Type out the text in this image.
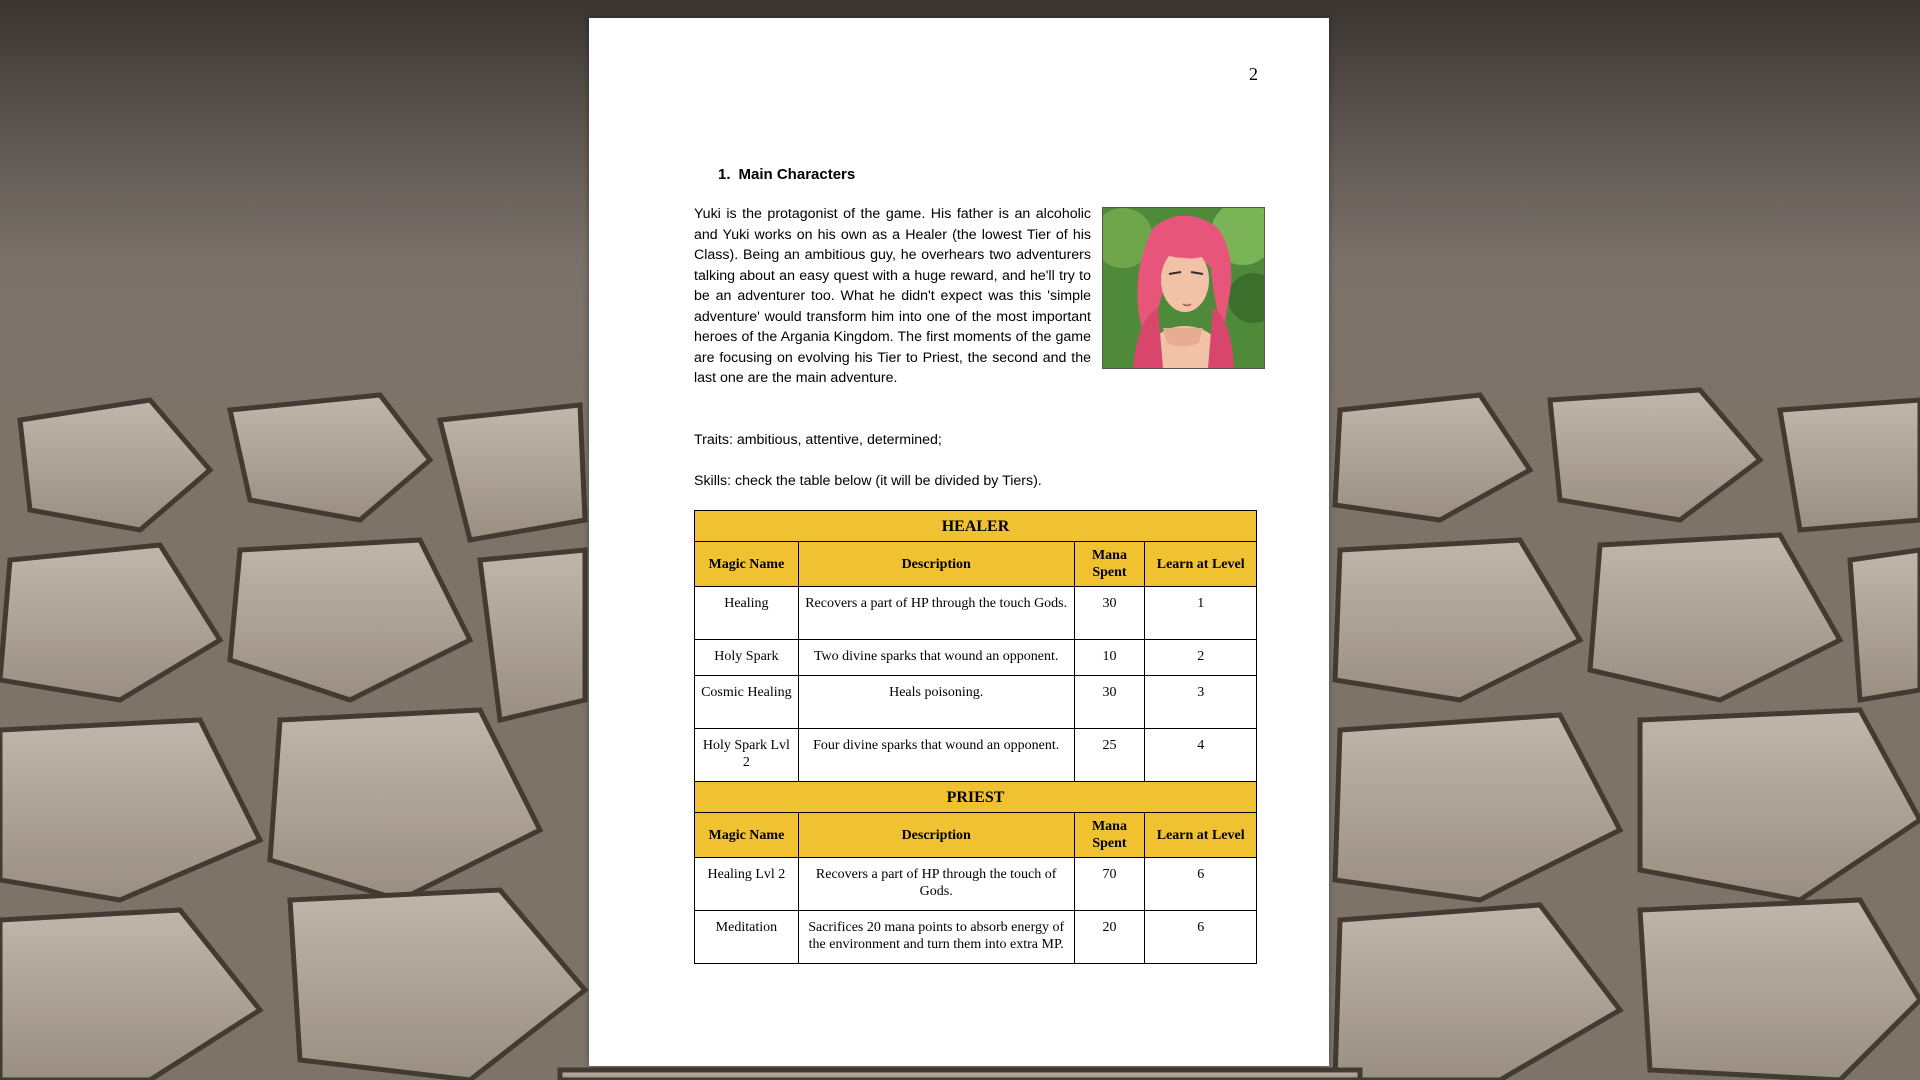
2
1. Main Characters

Yuki is the protagonist of the game. His father is an alcoholic and Yuki works on his own as a Healer (the lowest Tier of his Class). Being an ambitious guy, he overhears two adventurers talking about an easy quest with a huge reward, and he'll try to be an adventurer too. What he didn't expect was this 'simple adventure' would transform him into one of the most important heroes of the Argania Kingdom. The first moments of the game are focusing on evolving his Tier to Priest, the second and the last one are the main adventure.

Traits: ambitious, attentive, determined;

Skills: check the table below (it will be divided by Tiers).

HEALER			
Magic Name	Description	Mana Spent	Learn at Level
Healing	Recovers a part of HP through the touch Gods.	30	1
Holy Spark	Two divine sparks that wound an opponent.	10	2
Cosmic Healing	Heals poisoning.	30	3
Holy Spark Lvl 2	Four divine sparks that wound an opponent.	25	4
PRIEST			
Magic Name	Description	Mana Spent	Learn at Level
Healing Lvl 2	Recovers a part of HP through the touch of Gods.	70	6
Meditation	Sacrifices 20 mana points to absorb energy of the environment and turn them into extra MP.	20	6
